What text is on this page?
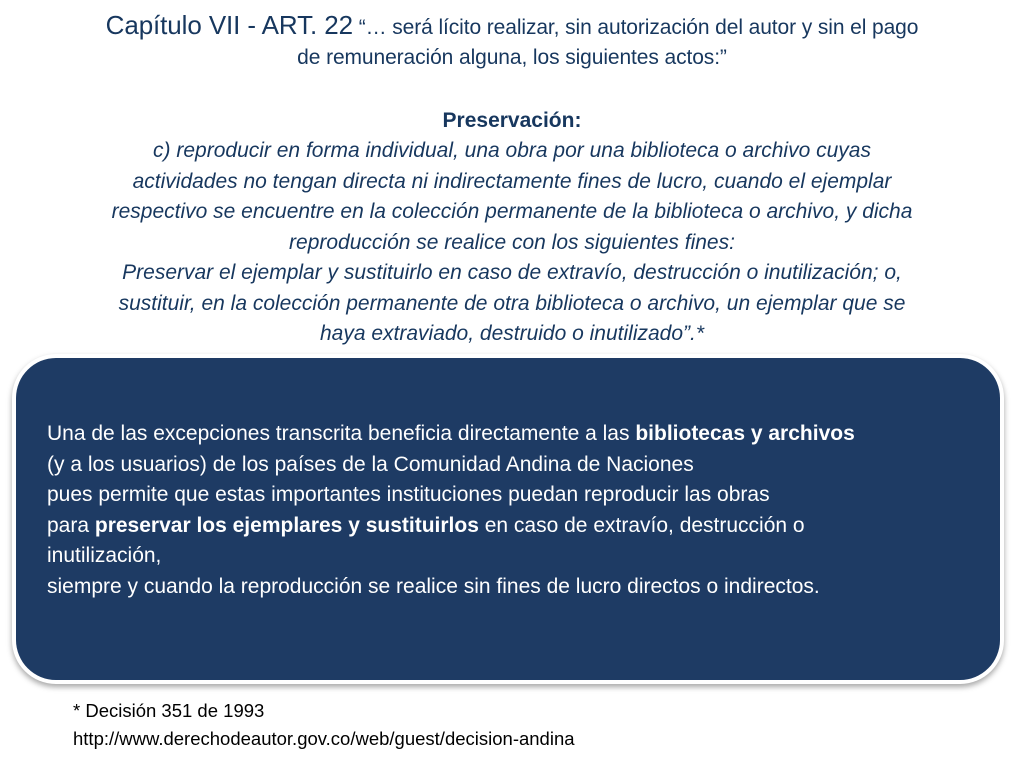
Capítulo VII - ART. 22 “… será lícito realizar, sin autorización del autor y sin el pago
de remuneración alguna, los siguientes actos:”
Preservación:
c) reproducir en forma individual, una obra por una biblioteca o archivo cuyas
actividades no tengan directa ni indirectamente fines de lucro, cuando el ejemplar
respectivo se encuentre en la colección permanente de la biblioteca o archivo, y dicha
reproducción se realice con los siguientes fines:
Preservar el ejemplar y sustituirlo en caso de extravío, destrucción o inutilización; o,
sustituir, en la colección permanente de otra biblioteca o archivo, un ejemplar que se
haya extraviado, destruido o inutilizado”.*
Una de las excepciones transcrita beneficia directamente a las bibliotecas y archivos
(y a los usuarios) de los países de la Comunidad Andina de Naciones
pues permite que estas importantes instituciones puedan reproducir las obras
para preservar los ejemplares y sustituirlos en caso de extravío, destrucción o
inutilización,
siempre y cuando la reproducción se realice sin fines de lucro directos o indirectos.
* Decisión 351 de 1993
http://www.derechodeautor.gov.co/web/guest/decision-andina
